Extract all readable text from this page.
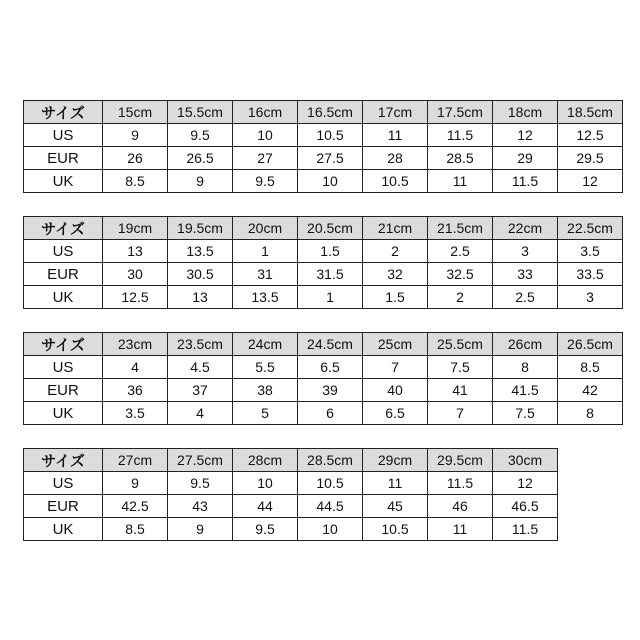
サイズ	15cm	15.5cm	16cm	16.5cm	17cm	17.5cm	18cm	18.5cm
US	9	9.5	10	10.5	11	11.5	12	12.5
EUR	26	26.5	27	27.5	28	28.5	29	29.5
UK	8.5	9	9.5	10	10.5	11	11.5	12
サイズ	19cm	19.5cm	20cm	20.5cm	21cm	21.5cm	22cm	22.5cm
US	13	13.5	1	1.5	2	2.5	3	3.5
EUR	30	30.5	31	31.5	32	32.5	33	33.5
UK	12.5	13	13.5	1	1.5	2	2.5	3
サイズ	23cm	23.5cm	24cm	24.5cm	25cm	25.5cm	26cm	26.5cm
US	4	4.5	5.5	6.5	7	7.5	8	8.5
EUR	36	37	38	39	40	41	41.5	42
UK	3.5	4	5	6	6.5	7	7.5	8
サイズ	27cm	27.5cm	28cm	28.5cm	29cm	29.5cm	30cm
US	9	9.5	10	10.5	11	11.5	12
EUR	42.5	43	44	44.5	45	46	46.5
UK	8.5	9	9.5	10	10.5	11	11.5
